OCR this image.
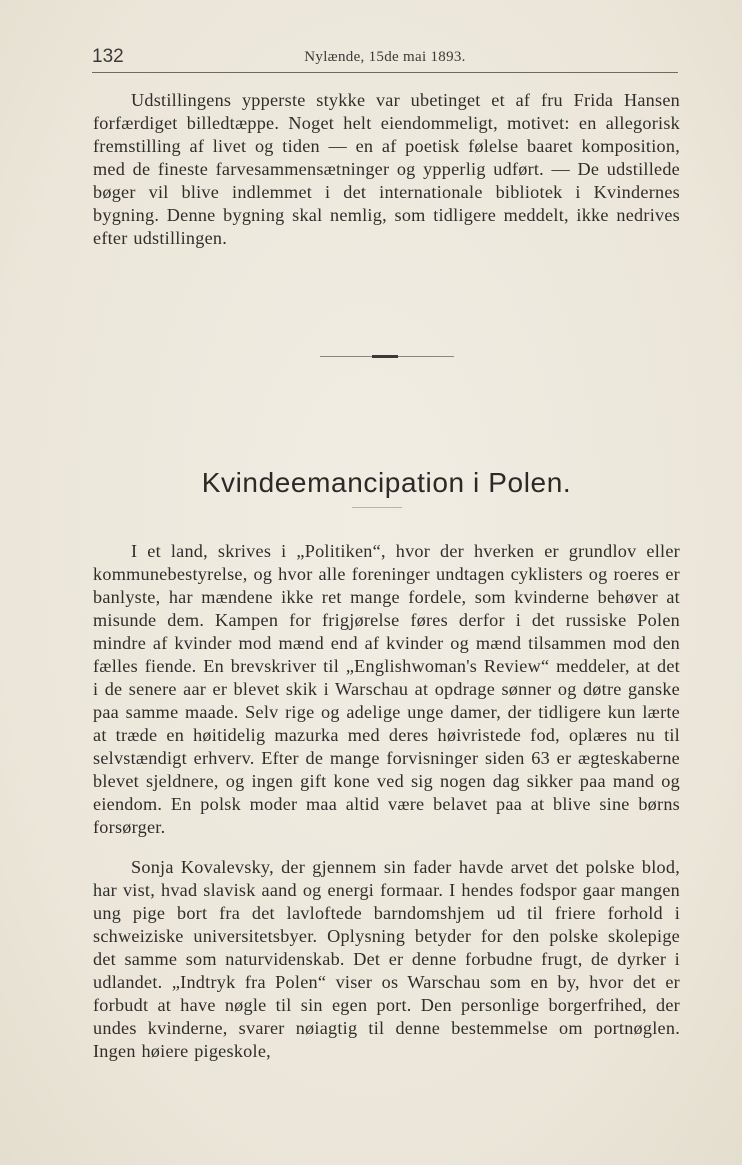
132	Nylænde, 15de mai 1893.

Udstillingens ypperste stykke var ubetinget et af fru Frida Hansen forfærdiget billedtæppe. Noget helt eiendommeligt, motivet: en allegorisk fremstilling af livet og tiden — en af poetisk følelse baaret komposition, med de fineste farvesammensætninger og ypperlig udført. — De udstillede bøger vil blive indlemmet i det internationale bibliotek i Kvindernes bygning. Denne bygning skal nemlig, som tidligere meddelt, ikke nedrives efter udstillingen.

Kvindeemancipation i Polen.

I et land, skrives i „Politiken“, hvor der hverken er grundlov eller kommunebestyrelse, og hvor alle foreninger undtagen cyklisters og roeres er banlyste, har mændene ikke ret mange fordele, som kvinderne behøver at misunde dem. Kampen for frigjørelse føres derfor i det russiske Polen mindre af kvinder mod mænd end af kvinder og mænd tilsammen mod den fælles fiende. En brevskriver til „Englishwoman's Review“ meddeler, at det i de senere aar er blevet skik i Warschau at opdrage sønner og døtre ganske paa samme maade. Selv rige og adelige unge damer, der tidligere kun lærte at træde en høitidelig mazurka med deres høivristede fod, oplæres nu til selvstændigt erhverv. Efter de mange forvisninger siden 63 er ægteskaberne blevet sjeldnere, og ingen gift kone ved sig nogen dag sikker paa mand og eiendom. En polsk moder maa altid være belavet paa at blive sine børns forsørger.

Sonja Kovalevsky, der gjennem sin fader havde arvet det polske blod, har vist, hvad slavisk aand og energi formaar. I hendes fodspor gaar mangen ung pige bort fra det lavloftede barndomshjem ud til friere forhold i schweiziske universitetsbyer. Oplysning betyder for den polske skolepige det samme som naturvidenskab. Det er denne forbudne frugt, de dyrker i udlandet. „Indtryk fra Polen“ viser os Warschau som en by, hvor det er forbudt at have nøgle til sin egen port. Den personlige borgerfrihed, der undes kvinderne, svarer nøiagtig til denne bestemmelse om portnøglen. Ingen høiere pigeskole,
